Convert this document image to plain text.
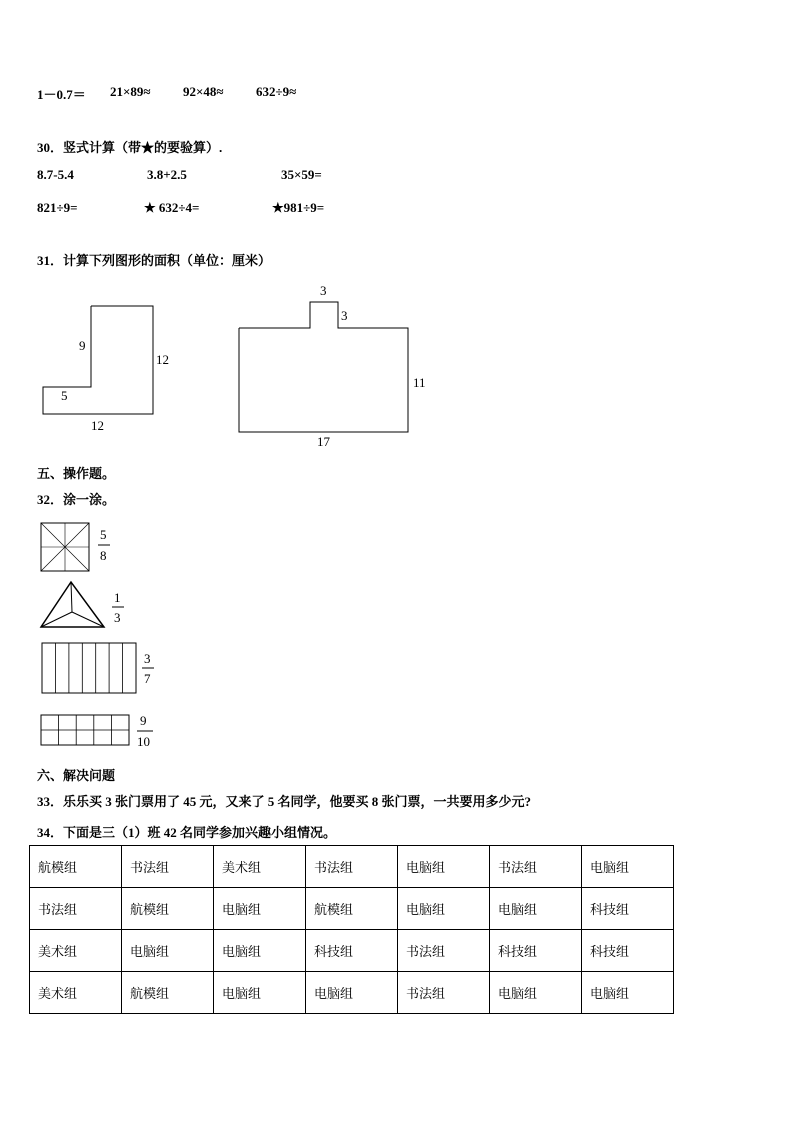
1－0.7＝ 21×89≈ 92×48≈ 632÷9≈
30．竖式计算（带★的要验算）.
8.7-5.4	3.8+2.5	35×59=
821÷9=	★ 632÷4=	★981÷9=
31．计算下列图形的面积（单位：厘米）
9
12
5
12
3
3
11
17
五、操作题。
32．涂一涂。
5
8
1
3
3
7
9
10
六、解决问题
33．乐乐买 3 张门票用了 45 元，又来了 5 名同学，他要买 8 张门票，一共要用多少元?
34．下面是三（1）班 42 名同学参加兴趣小组情况。
航模组	书法组	美术组	书法组	电脑组	书法组	电脑组
书法组	航模组	电脑组	航模组	电脑组	电脑组	科技组
美术组	电脑组	电脑组	科技组	书法组	科技组	科技组
美术组	航模组	电脑组	电脑组	书法组	电脑组	电脑组
